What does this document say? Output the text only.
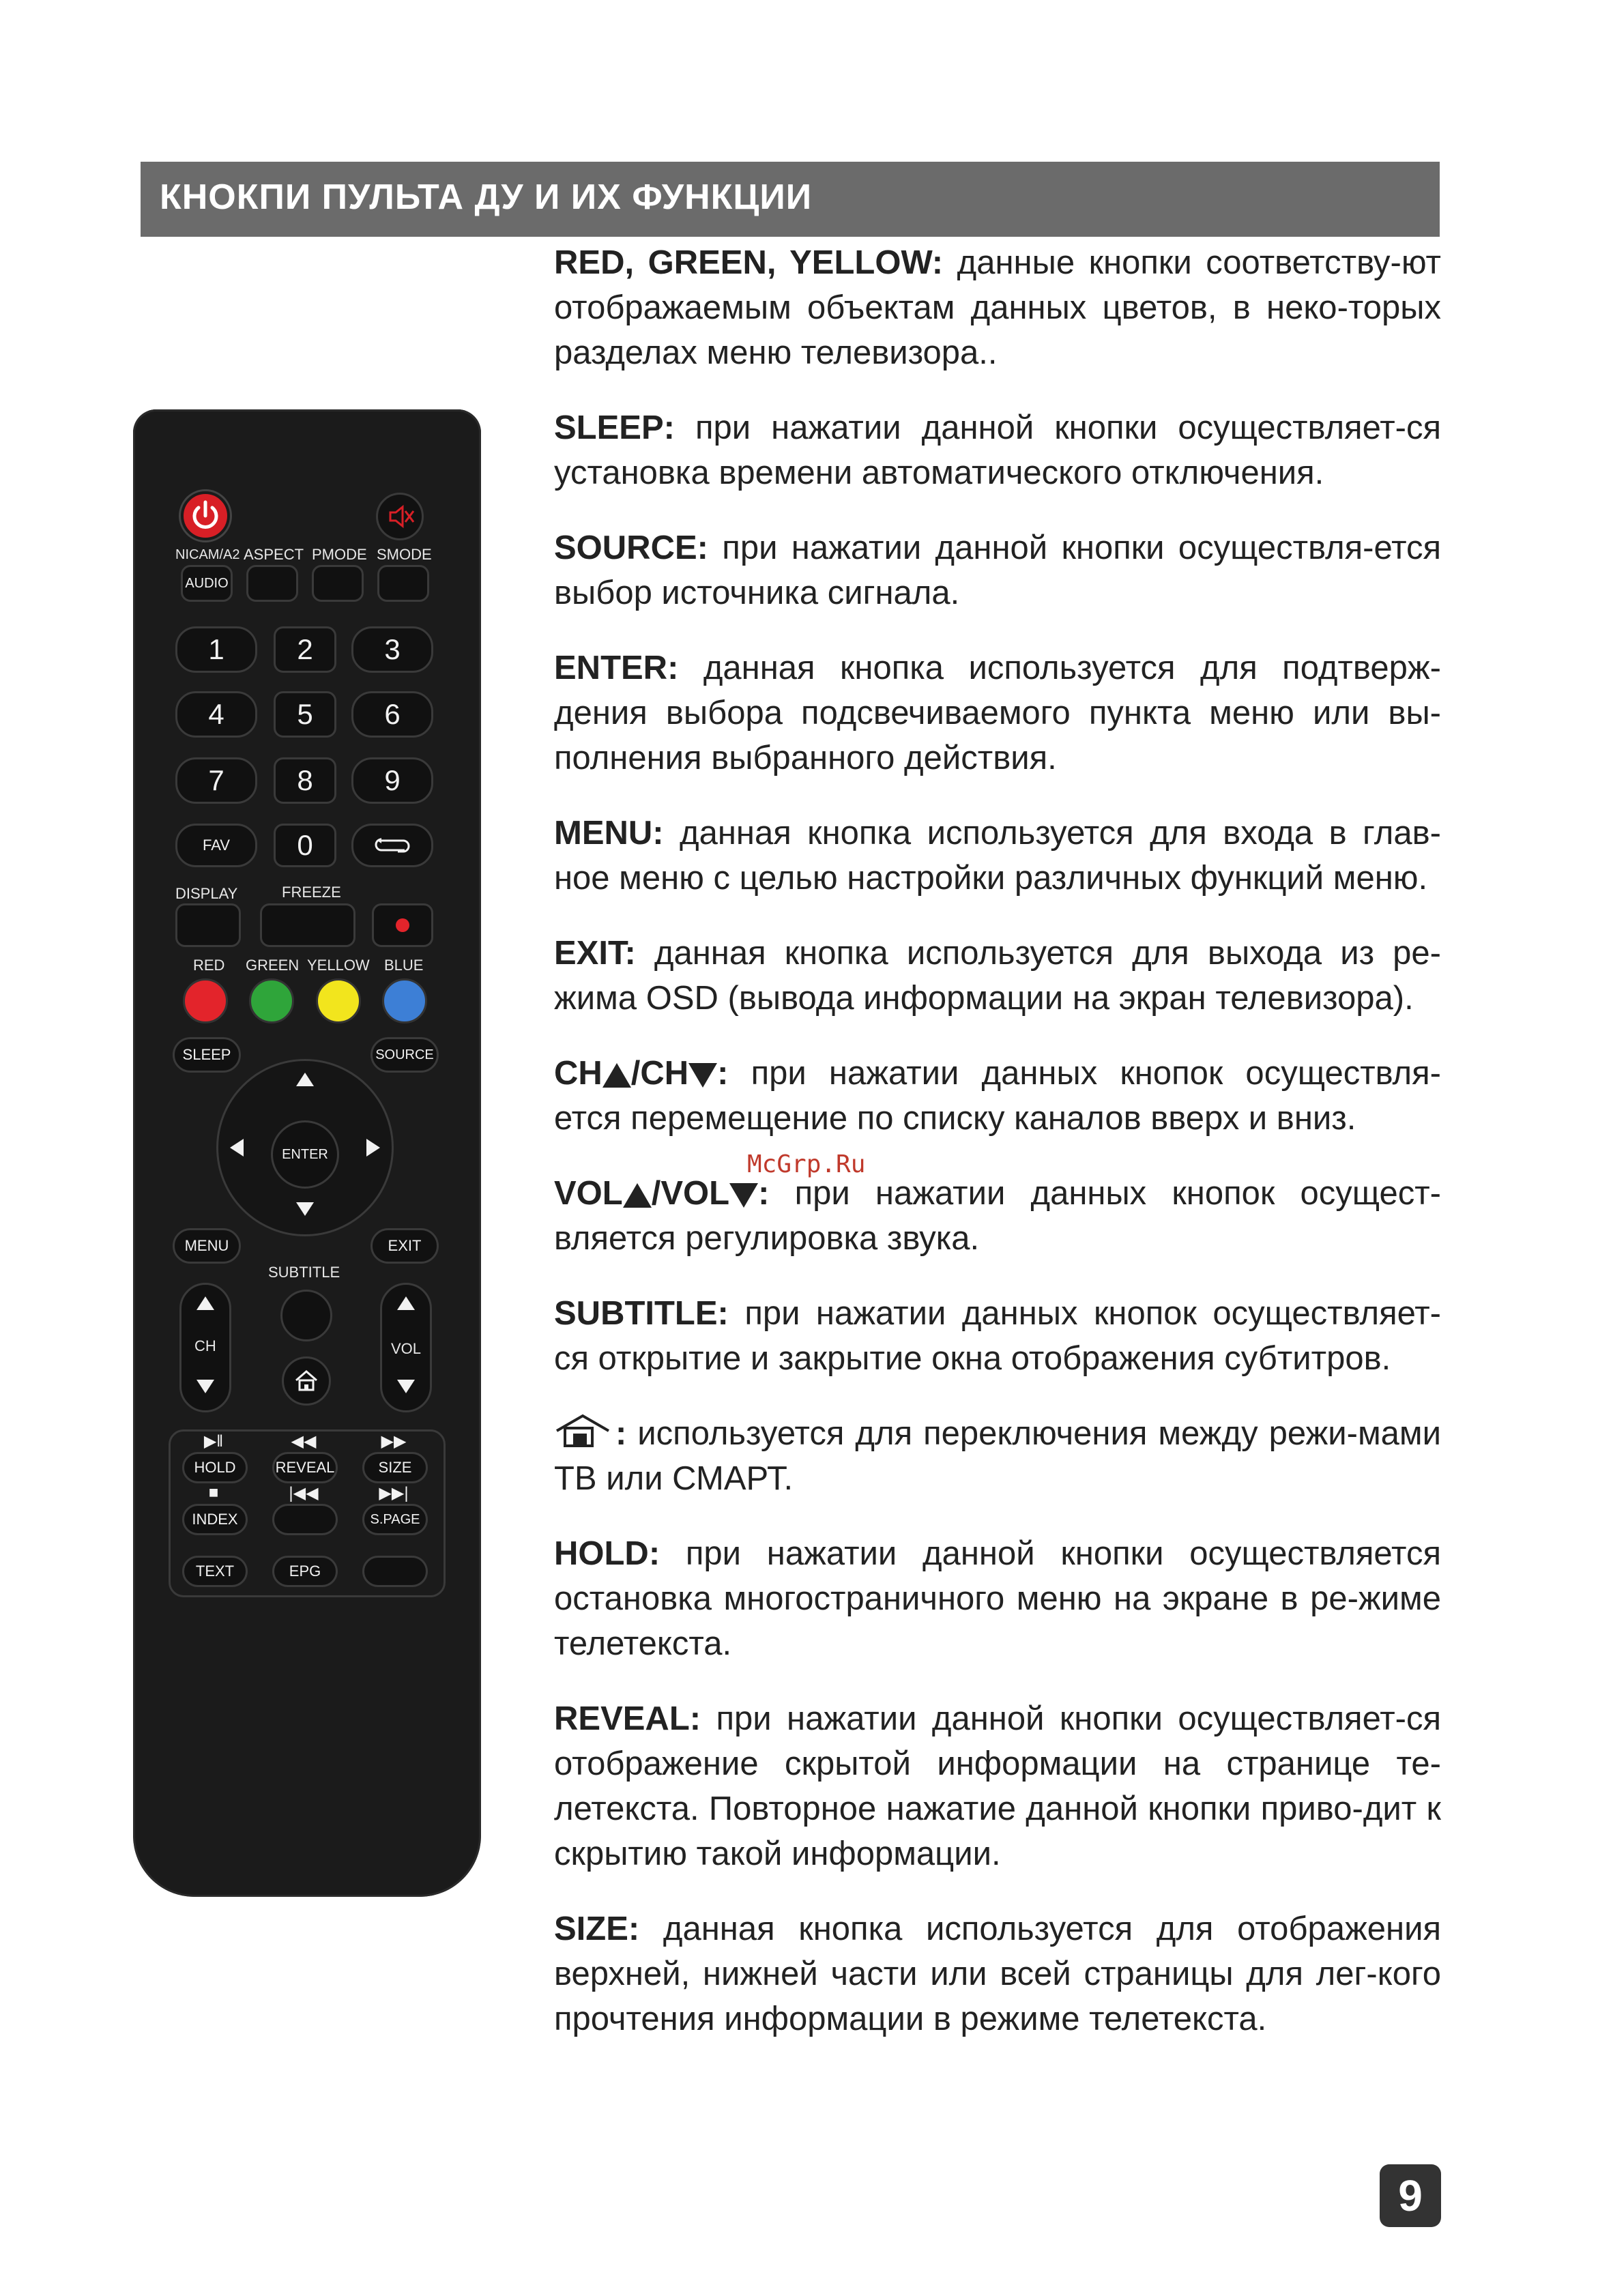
КНОКПИ ПУЛЬТА ДУ И ИХ ФУНКЦИИ
NICAM/A2 ASPECT PMODE SMODE
AUDIO
1	2	3
4	5	6
7	8	9
FAV	0
DISPLAY	FREEZE
RED GREEN YELLOW BLUE
SLEEP	SOURCE
ENTER
MENU	EXIT
CH
SUBTITLE
VOL
▶‖	◀◀	▶▶
HOLD	REVEAL	SIZE
■	|◀◀	▶▶|
INDEX	S.PAGE
TEXT	EPG

RED, GREEN, YELLOW: данные кнопки соответству-ют отображаемым объектам данных цветов, в неко-торых разделах меню телевизора..

SLEEP: при нажатии данной кнопки осуществляет-ся установка времени автоматического отключения.

SOURCE: при нажатии данной кнопки осуществля-ется выбор источника сигнала.

ENTER: данная кнопка используется для подтверж-дения выбора подсвечиваемого пункта меню или вы-полнения выбранного действия.

MENU: данная кнопка используется для входа в глав-ное меню с целью настройки различных функций меню.

EXIT: данная кнопка используется для выхода из ре-жима OSD (вывода информации на экран телевизора).

CH /CH : при нажатии данных кнопок осуществля-ется перемещение по списку каналов вверх и вниз.

VOL /VOL : при нажатии данных кнопок осущест-вляется регулировка звука.

SUBTITLE: при нажатии данных кнопок осуществляет-ся открытие и закрытие окна отображения субтитров.

: используется для переключения между режи-мами ТВ или СМАРТ.

HOLD: при нажатии данной кнопки осуществляется остановка многостраничного меню на экране в ре-жиме телетекста.

REVEAL: при нажатии данной кнопки осуществляет-ся отображение скрытой информации на странице те-летекста. Повторное нажатие данной кнопки приво-дит к скрытию такой информации.

SIZE: данная кнопка используется для отображения верхней, нижней части или всей страницы для лег-кого прочтения информации в режиме телетекста.

McGrp.Ru
9
